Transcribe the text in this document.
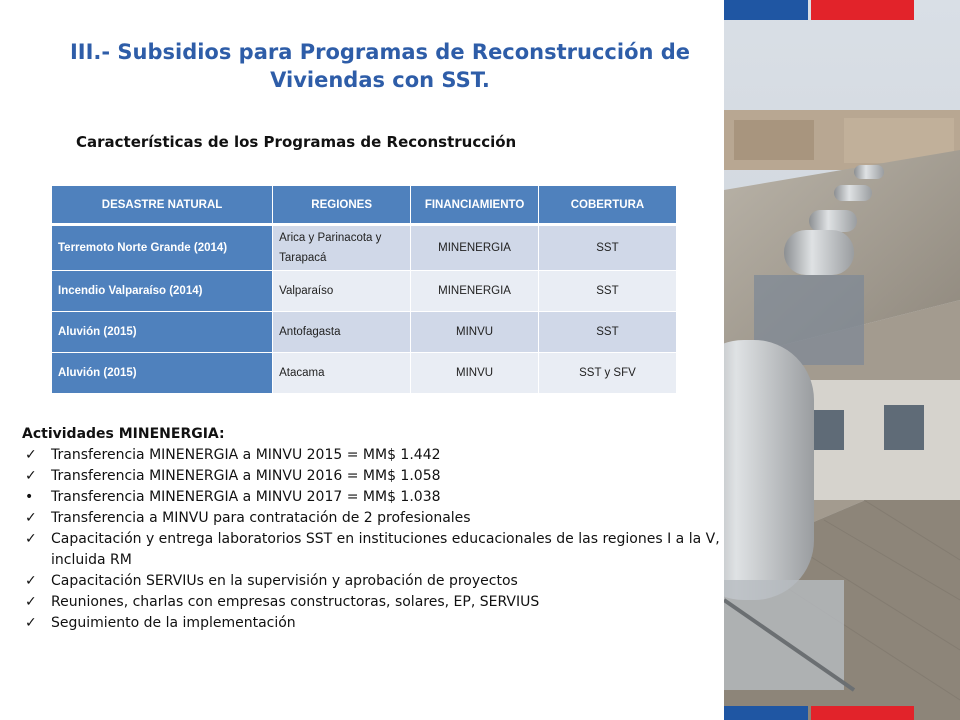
III.- Subsidios para Programas de Reconstrucción de Viviendas con SST.
Características de los Programas de Reconstrucción
DESASTRE NATURAL	REGIONES	FINANCIAMIENTO	COBERTURA
Terremoto Norte Grande (2014)	Arica y Parinacota y Tarapacá	MINENERGIA	SST
Incendio Valparaíso (2014)	Valparaíso	MINENERGIA	SST
Aluvión (2015)	Antofagasta	MINVU	SST
Aluvión (2015)	Atacama	MINVU	SST y SFV
Actividades MINENERGIA:
✓	Transferencia MINENERGIA a MINVU 2015 = MM$ 1.442
✓	Transferencia MINENERGIA a MINVU 2016 = MM$ 1.058
•	Transferencia MINENERGIA a MINVU 2017 = MM$ 1.038
✓	Transferencia a MINVU para contratación de 2 profesionales
✓	Capacitación y entrega laboratorios SST en instituciones educacionales de las regiones I a la V, incluida RM
✓	Capacitación SERVIUs en la supervisión y aprobación de proyectos
✓	Reuniones, charlas con empresas constructoras, solares, EP, SERVIUS
✓	Seguimiento de la implementación
